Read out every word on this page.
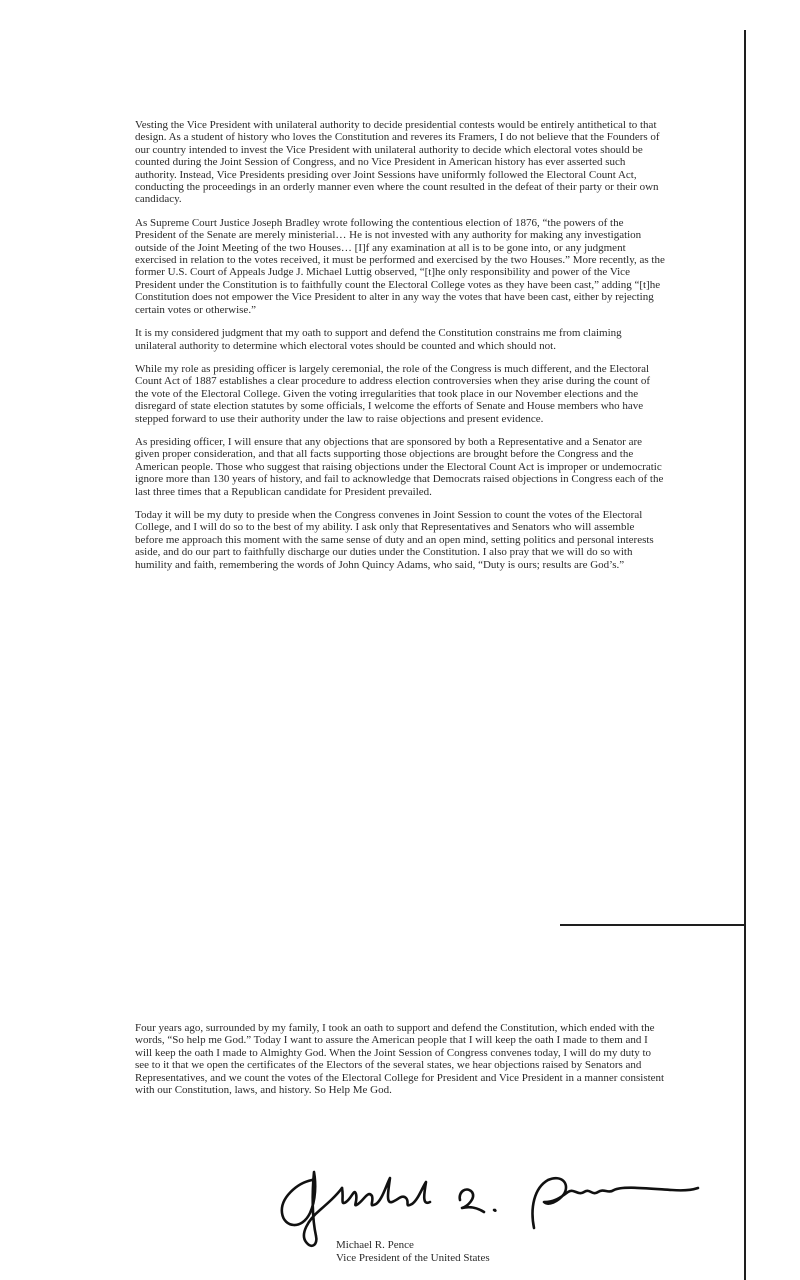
Vesting the Vice President with unilateral authority to decide presidential contests would be entirely antithetical to that design. As a student of history who loves the Constitution and reveres its Framers, I do not believe that the Founders of our country intended to invest the Vice President with unilateral authority to decide which electoral votes should be counted during the Joint Session of Congress, and no Vice President in American history has ever asserted such authority. Instead, Vice Presidents presiding over Joint Sessions have uniformly followed the Electoral Count Act, conducting the proceedings in an orderly manner even where the count resulted in the defeat of their party or their own candidacy.

As Supreme Court Justice Joseph Bradley wrote following the contentious election of 1876, “the powers of the President of the Senate are merely ministerial… He is not invested with any authority for making any investigation outside of the Joint Meeting of the two Houses… [I]f any examination at all is to be gone into, or any judgment exercised in relation to the votes received, it must be performed and exercised by the two Houses.” More recently, as the former U.S. Court of Appeals Judge J. Michael Luttig observed, “[t]he only responsibility and power of the Vice President under the Constitution is to faithfully count the Electoral College votes as they have been cast,” adding “[t]he Constitution does not empower the Vice President to alter in any way the votes that have been cast, either by rejecting certain votes or otherwise.”

It is my considered judgment that my oath to support and defend the Constitution constrains me from claiming unilateral authority to determine which electoral votes should be counted and which should not.

While my role as presiding officer is largely ceremonial, the role of the Congress is much different, and the Electoral Count Act of 1887 establishes a clear procedure to address election controversies when they arise during the count of the vote of the Electoral College. Given the voting irregularities that took place in our November elections and the disregard of state election statutes by some officials, I welcome the efforts of Senate and House members who have stepped forward to use their authority under the law to raise objections and present evidence.

As presiding officer, I will ensure that any objections that are sponsored by both a Representative and a Senator are given proper consideration, and that all facts supporting those objections are brought before the Congress and the American people. Those who suggest that raising objections under the Electoral Count Act is improper or undemocratic ignore more than 130 years of history, and fail to acknowledge that Democrats raised objections in Congress each of the last three times that a Republican candidate for President prevailed.

Today it will be my duty to preside when the Congress convenes in Joint Session to count the votes of the Electoral College, and I will do so to the best of my ability. I ask only that Representatives and Senators who will assemble before me approach this moment with the same sense of duty and an open mind, setting politics and personal interests aside, and do our part to faithfully discharge our duties under the Constitution. I also pray that we will do so with humility and faith, remembering the words of John Quincy Adams, who said, “Duty is ours; results are God’s.”

Four years ago, surrounded by my family, I took an oath to support and defend the Constitution, which ended with the words, “So help me God.” Today I want to assure the American people that I will keep the oath I made to them and I will keep the oath I made to Almighty God. When the Joint Session of Congress convenes today, I will do my duty to see to it that we open the certificates of the Electors of the several states, we hear objections raised by Senators and Representatives, and we count the votes of the Electoral College for President and Vice President in a manner consistent with our Constitution, laws, and history. So Help Me God.

Michael R. Pence
Vice President of the United States
